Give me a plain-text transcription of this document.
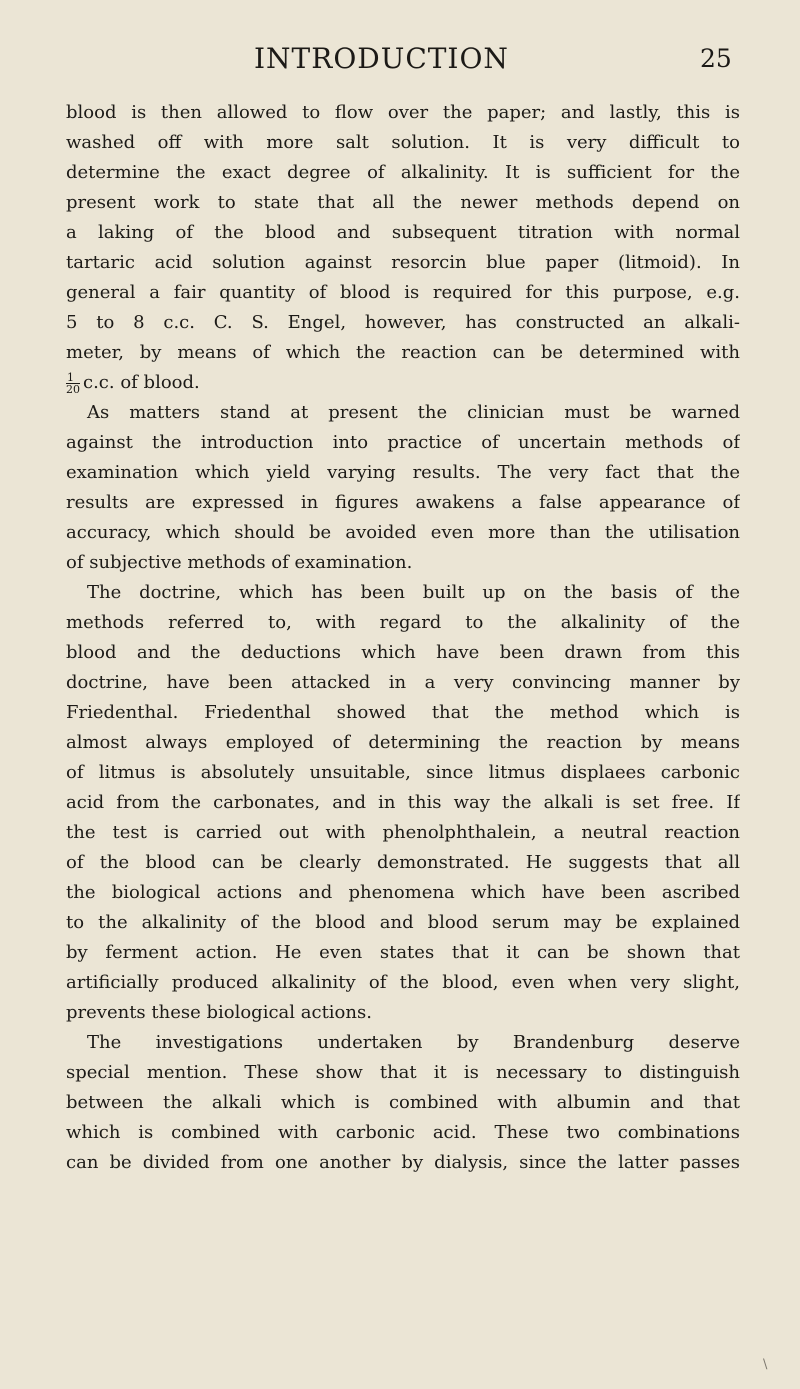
INTRODUCTION	25
blood is then allowed to flow over the paper; and lastly, this is
washed off with more salt solution. It is very difficult to
determine the exact degree of alkalinity. It is sufficient for the
present work to state that all the newer methods depend on
a laking of the blood and subsequent titration with normal
tartaric acid solution against resorcin blue paper (litmoid). In
general a fair quantity of blood is required for this purpose, e.g.
5 to 8 c.c. C. S. Engel, however, has constructed an alkali-
meter, by means of which the reaction can be determined with
$\frac{1}{20} c.c$. of blood.
As matters stand at present the clinician must be warned
against the introduction into practice of uncertain methods of
examination which yield varying results. The very fact that the
results are expressed in figures awakens a false appearance of
accuracy, which should be avoided even more than the utilisation
of subjective methods of examination.
The doctrine, which has been built up on the basis of the
methods referred to, with regard to the alkalinity of the
blood and the deductions which have been drawn from this
doctrine, have been attacked in a very convincing manner by
Friedenthal. Friedenthal showed that the method which is
almost always employed of determining the reaction by means
of litmus is absolutely unsuitable, since litmus displaees carbonic
acid from the carbonates, and in this way the alkali is set free. If
the test is carried out with phenolphthalein, a neutral reaction
of the blood can be clearly demonstrated. He suggests that all
the biological actions and phenomena which have been ascribed
to the alkalinity of the blood and blood serum may be explained
by ferment action. He even states that it can be shown that
artificially produced alkalinity of the blood, even when very slight,
prevents these biological actions.
The investigations undertaken by Brandenburg deserve
special mention. These show that it is necessary to distinguish
between the alkali which is combined with albumin and that
which is combined with carbonic acid. These two combinations
can be divided from one another by dialysis, since the latter passes
\
